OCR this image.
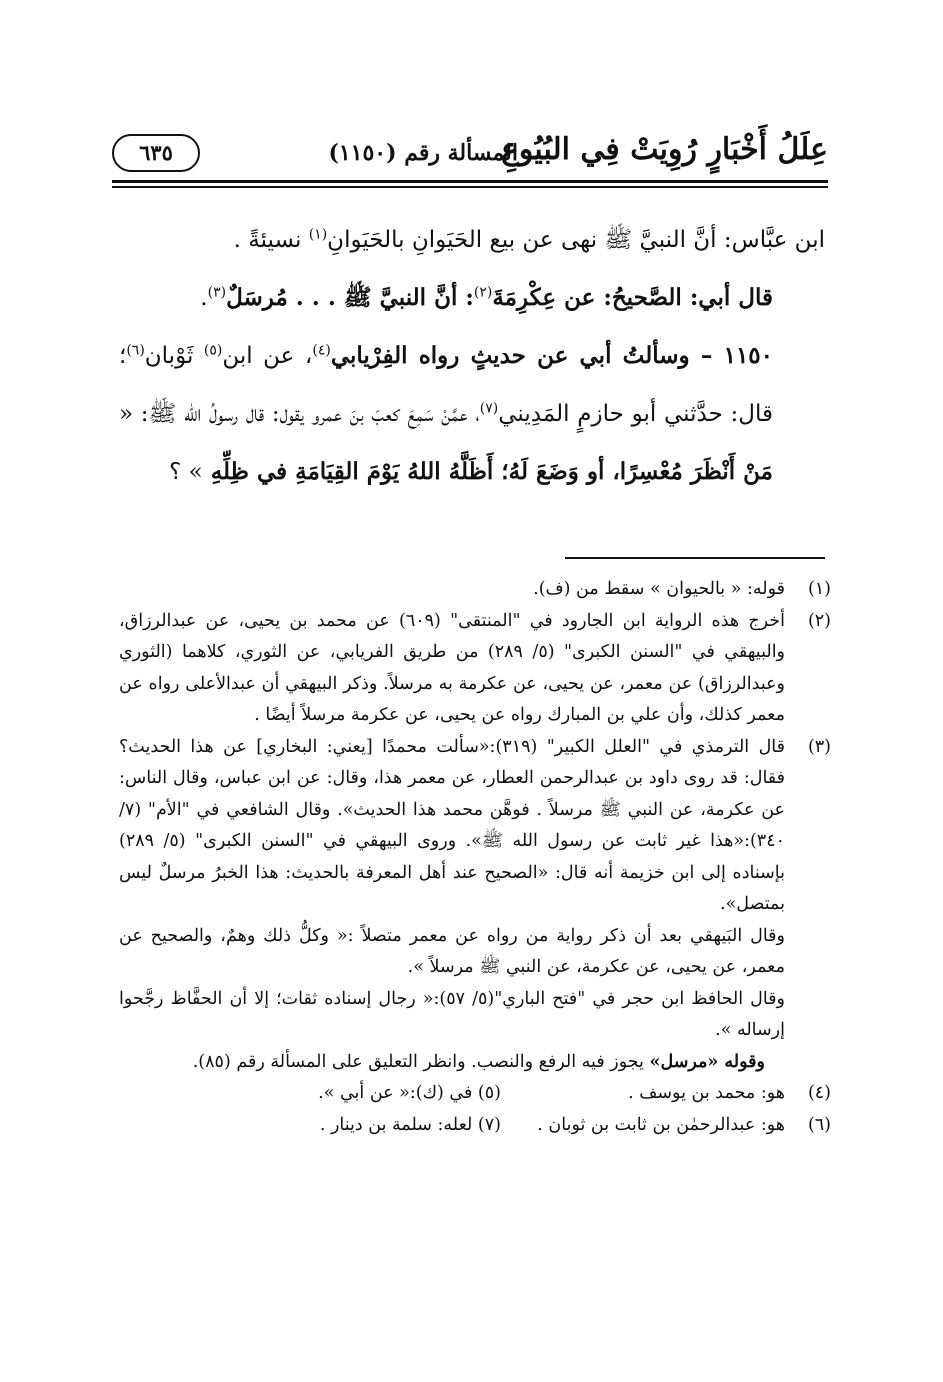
عِلَلُ أَخْبَارٍ رُوِيَتْ فِي البُيُوعِ
المسألة رقم (١١٥٠)
٦٣٥

ابن عبَّاس: أنَّ النبيَّ ﷺ نهى عن بيع الحَيَوانِ بالحَيَوانِ$^{(١)}$ نسيئةً .

قال أبي: الصَّحيحُ: عن عِكْرِمَةَ$^{(٢)}$: أنَّ النبيَّ ﷺ . . . مُرسَلٌ$^{(٣)}$.

١١٥٠ – وسألتُ أبي عن حديثٍ رواه الفِرْيابي$^{(٤)}$، عن ابن$^{(٥)}$ ثَوْبان$^{(٦)}$؛ قال: حدَّثني أبو حازمٍ المَدِيني$^{(٧)}$، عمَّنْ سَمِعَ كعبَ بنَ عمرو يقول: قال رسولُ الله ﷺ: « مَنْ أَنْظَرَ مُعْسِرًا، أو وَضَعَ لَهُ؛ أَظَلَّهُ اللهُ يَوْمَ القِيَامَةِ في ظِلِّهِ » ؟

(١)
قوله: « بالحيوان » سقط من (ف).
(٢)
أخرج هذه الرواية ابن الجارود في "المنتقى" (٦٠٩) عن محمد بن يحيى، عن عبدالرزاق، والبيهقي في "السنن الكبرى" (٥/ ٢٨٩) من طريق الفريابي، عن الثوري، كلاهما (الثوري وعبدالرزاق) عن معمر، عن يحيى، عن عكرمة به مرسلاً. وذكر البيهقي أن عبدالأعلى رواه عن معمر كذلك، وأن علي بن المبارك رواه عن يحيى، عن عكرمة مرسلاً أيضًا .
(٣)
قال الترمذي في "العلل الكبير" (٣١٩):«سألت محمدًا [يعني: البخاري] عن هذا الحديث؟ فقال: قد روى داود بن عبدالرحمن العطار، عن معمر هذا، وقال: عن ابن عباس، وقال الناس: عن عكرمة، عن النبي ﷺ مرسلاً . فوهَّن محمد هذا الحديث». وقال الشافعي في "الأم" (٧/ ٣٤٠):«هذا غير ثابت عن رسول الله ﷺ». وروى البيهقي في "السنن الكبرى" (٥/ ٢٨٩) بإسناده إلى ابن خزيمة أنه قال: «الصحيح عند أهل المعرفة بالحديث: هذا الخبرُ مرسلٌ ليس بمتصل».

وقال البَيهقي بعد أن ذكر رواية من رواه عن معمر متصلاً :« وكلُّ ذلك وهمٌ، والصحيح عن معمر، عن يحيى، عن عكرمة، عن النبي ﷺ مرسلاً ».

وقال الحافظ ابن حجر في "فتح الباري"(٥/ ٥٧):« رجال إسناده ثقات؛ إلا أن الحفَّاظ رجَّحوا إرساله ».

وقوله «مرسل» يجوز فيه الرفع والنصب. وانظر التعليق على المسألة رقم (٨٥).

(٤)
هو: محمد بن يوسف .
(٥) في (ك):« عن أبي ».
(٦)
هو: عبدالرحمٰن بن ثابت بن ثوبان .
(٧) لعله: سلمة بن دينار .
